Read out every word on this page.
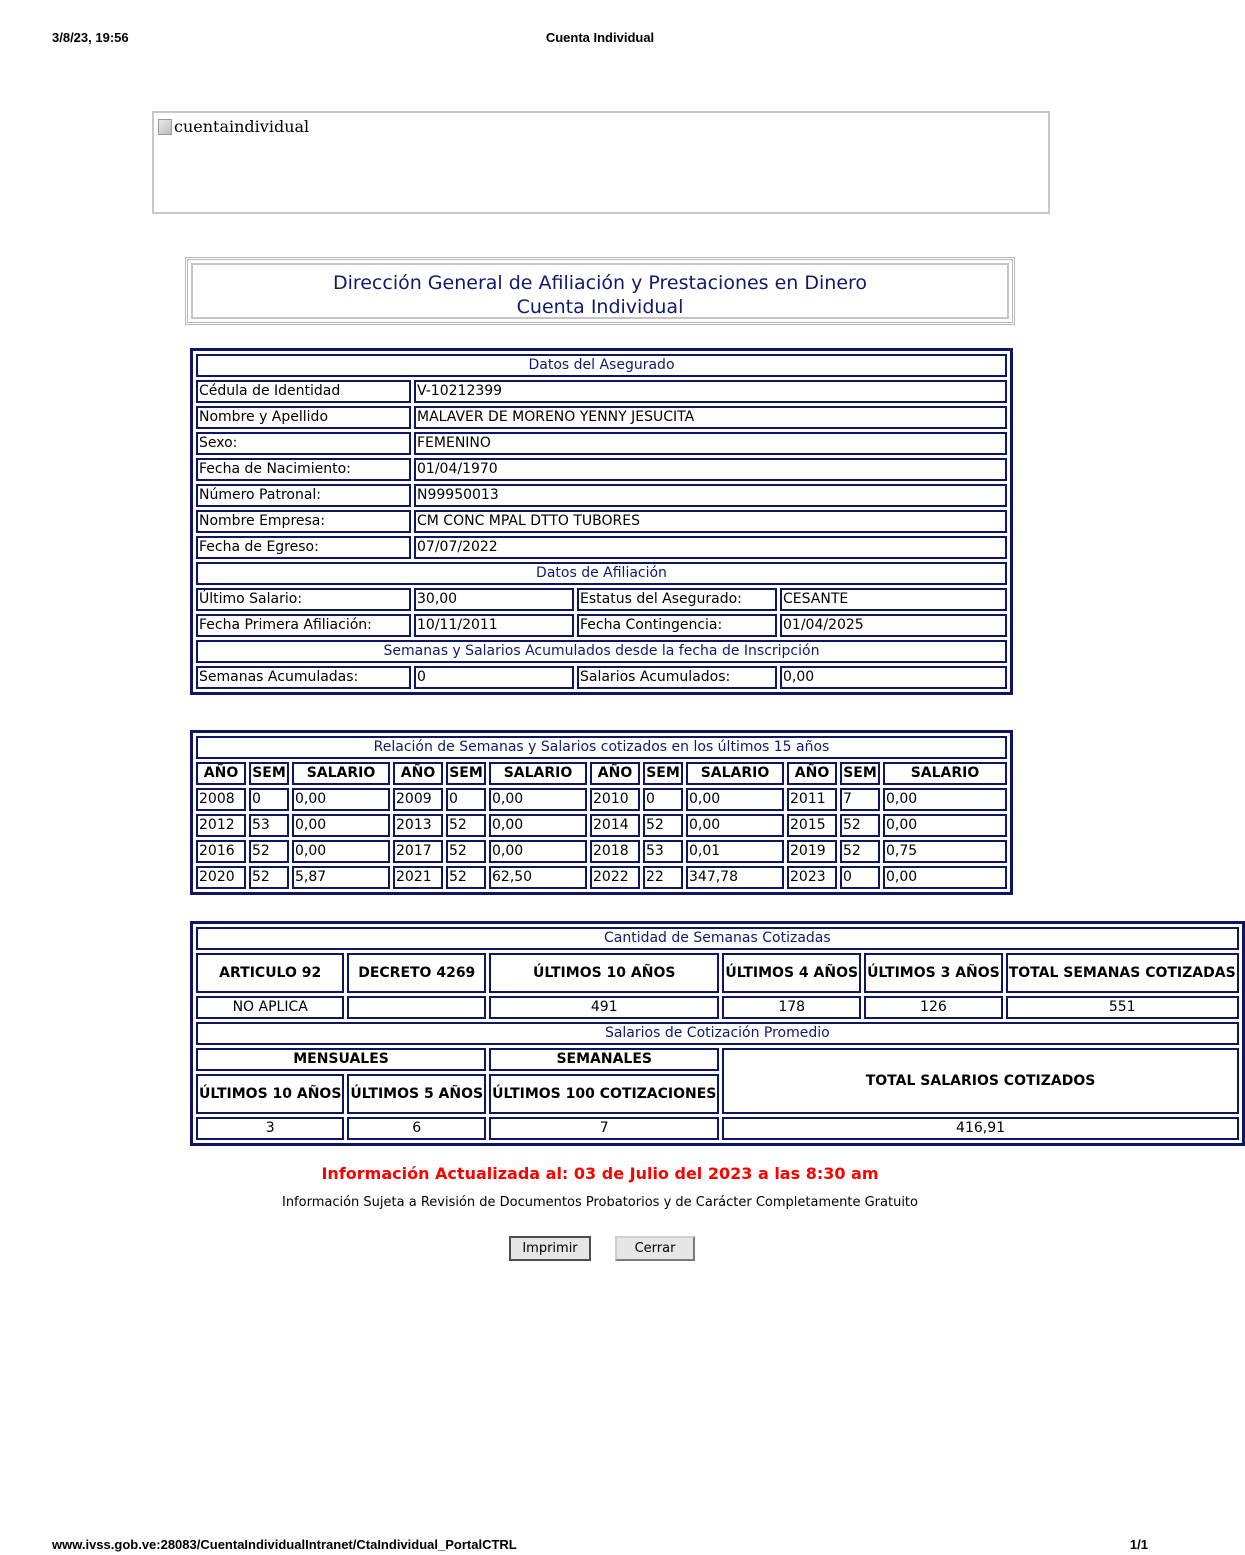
3/8/23, 19:56	Cuenta Individual
cuentaindividual
Dirección General de Afiliación y Prestaciones en Dinero
Cuenta Individual
Datos del Asegurado			
Cédula de Identidad	V-10212399		
Nombre y Apellido	MALAVER DE MORENO YENNY JESUCITA		
Sexo:	FEMENINO		
Fecha de Nacimiento:	01/04/1970		
Número Patronal:	N99950013		
Nombre Empresa:	CM CONC MPAL DTTO TUBORES		
Fecha de Egreso:	07/07/2022		
Datos de Afiliación			
Último Salario:	30,00	Estatus del Asegurado:	CESANTE
Fecha Primera Afiliación:	10/11/2011	Fecha Contingencia:	01/04/2025
Semanas y Salarios Acumulados desde la fecha de Inscripción			
Semanas Acumuladas:	0	Salarios Acumulados:	0,00
Relación de Semanas y Salarios cotizados en los últimos 15 años											
AÑO	SEM	SALARIO	AÑO	SEM	SALARIO	AÑO	SEM	SALARIO	AÑO	SEM	SALARIO
2008	0	0,00	2009	0	0,00	2010	0	0,00	2011	7	0,00
2012	53	0,00	2013	52	0,00	2014	52	0,00	2015	52	0,00
2016	52	0,00	2017	52	0,00	2018	53	0,01	2019	52	0,75
2020	52	5,87	2021	52	62,50	2022	22	347,78	2023	0	0,00
Cantidad de Semanas Cotizadas					
ARTICULO 92	DECRETO 4269	ÚLTIMOS 10 AÑOS	ÚLTIMOS 4 AÑOS	ÚLTIMOS 3 AÑOS	TOTAL SEMANAS COTIZADAS
NO APLICA		491	178	126	551
Salarios de Cotización Promedio					
MENSUALES		SEMANALES	TOTAL SALARIOS COTIZADOS		
ÚLTIMOS 10 AÑOS	ÚLTIMOS 5 AÑOS	ÚLTIMOS 100 COTIZACIONES			
3	6	7	416,91		
Información Actualizada al: 03 de Julio del 2023 a las 8:30 am
Información Sujeta a Revisión de Documentos Probatorios y de Carácter Completamente Gratuito
Imprimir	Cerrar
www.ivss.gob.ve:28083/CuentaIndividualIntranet/CtaIndividual_PortalCTRL	1/1
